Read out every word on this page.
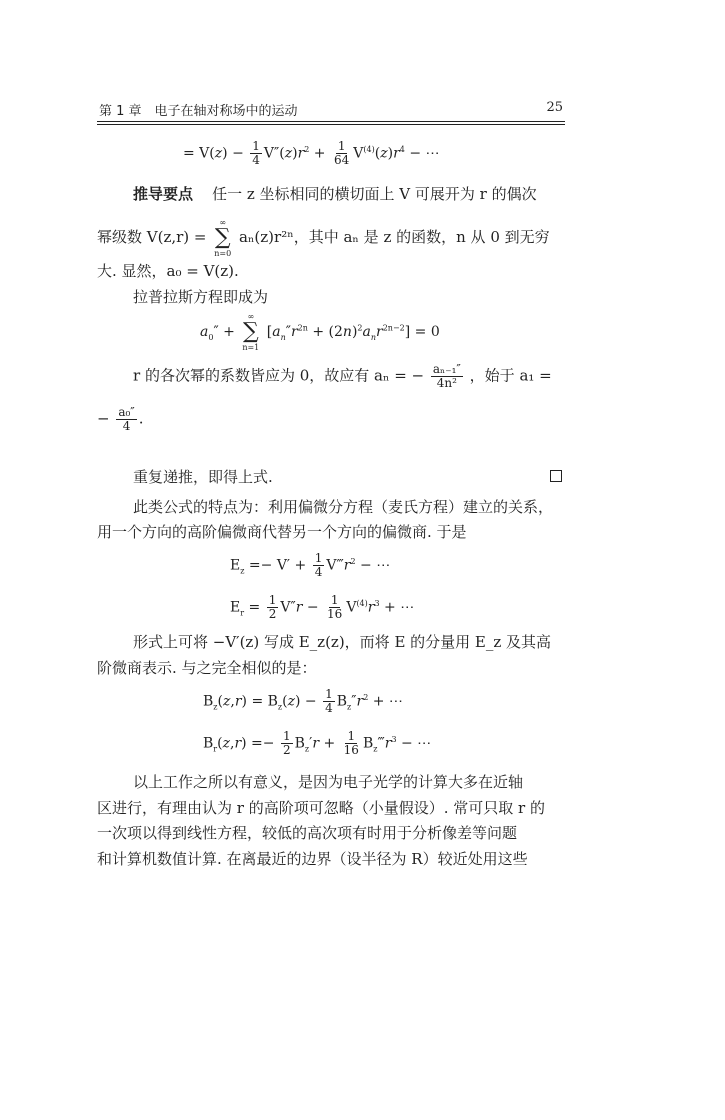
第 1 章　电子在轴对称场中的运动	25
= $V(z) - \frac{1}{4} V''(z)r^2 + \frac{1}{64} V^{(4)}(z)r^4$ − ⋯
推导要点 任一 z 坐标相同的横切面上 V 可展开为 r 的偶次
幂级数 V(z,r) =
∞
∑
n=0
aₙ(z)r²ⁿ，其中 aₙ 是 z 的函数，n 从 0 到无穷
大. 显然，a₀ = V(z).
拉普拉斯方程即成为
$a_0''$ +
∞
∑
n=1
$[a_n''r^{2n} + (2n)^2a_nr^{2n-2}] = 0$
r 的各次幂的系数皆应为 0，故应有 aₙ = − $\frac{\text{aₙ₋₁″}}{\text{4n²}}$ ，始于 a₁ =
− $\frac{\text{a₀″}}{4}$ .
重复递推，即得上式.
此类公式的特点为：利用偏微分方程（麦氏方程）建立的关系，
用一个方向的高阶偏微商代替另一个方向的偏微商. 于是
$E_z =- V' + \frac{1}{4}$ $V‴r^2$ − ⋯
$E_r = \frac{1}{2} V''r - \frac{1}{16} V^{(4)}r^3$ + ⋯
形式上可将 −V′(z) 写成 E_z(z)，而将 E 的分量用 E_z 及其高
阶微商表示. 与之完全相似的是：
$B_z(z,r) = B_z(z) - \frac{1}{4} B_z''r^2$ + ⋯
$B_r(z,r) =- \frac{1}{2} B_z'r + \frac{1}{16}$ $B_z‴r^3$ − ⋯
以上工作之所以有意义，是因为电子光学的计算大多在近轴
区进行，有理由认为 r 的高阶项可忽略（小量假设）. 常可只取 r 的
一次项以得到线性方程，较低的高次项有时用于分析像差等问题
和计算机数值计算. 在离最近的边界（设半径为 R）较近处用这些
